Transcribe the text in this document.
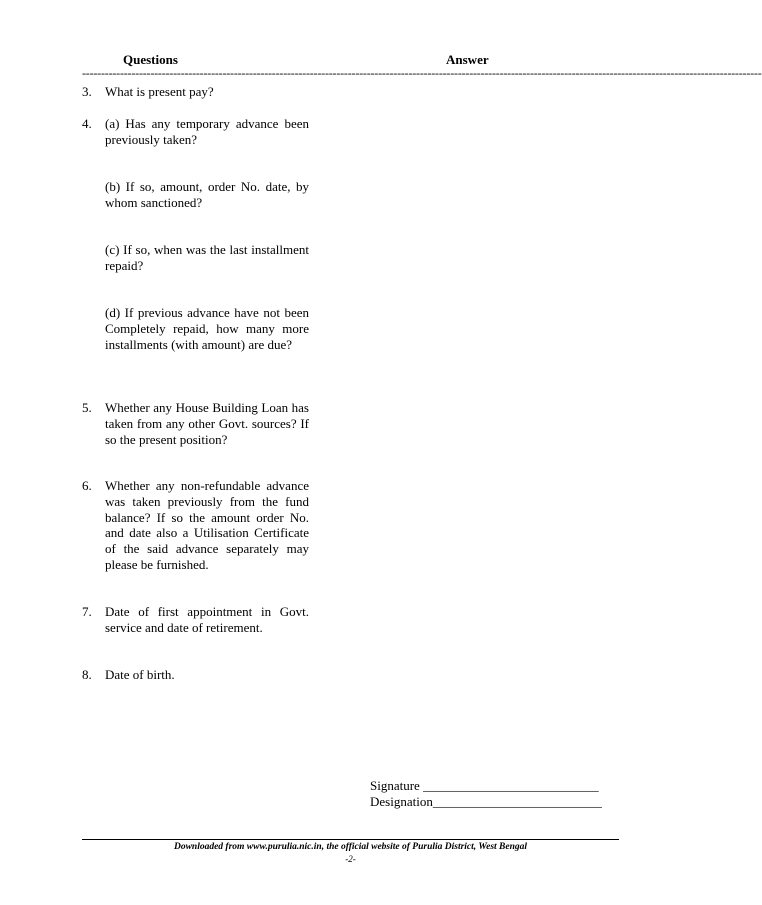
Questions	Answer
-----------------------------------------------------------------------------------------------------------------------------------------------------------------------------------
3. What is present pay?
4. (a) Has any temporary advance been previously taken?
(b) If so, amount, order No. date, by whom sanctioned?
(c) If so, when was the last installment repaid?
(d) If previous advance have not been Completely repaid, how many more installments (with amount) are due?
5. Whether any House Building Loan has taken from any other Govt. sources? If so the present position?
6. Whether any non-refundable advance was taken previously from the fund balance? If so the amount order No. and date also a Utilisation Certificate of the said advance separately may please be furnished.
7. Date of first appointment in Govt. service and date of retirement.
8. Date of birth.
Signature ___________________________
Designation__________________________
Downloaded from www.purulia.nic.in, the official website of Purulia District, West Bengal
-2-
